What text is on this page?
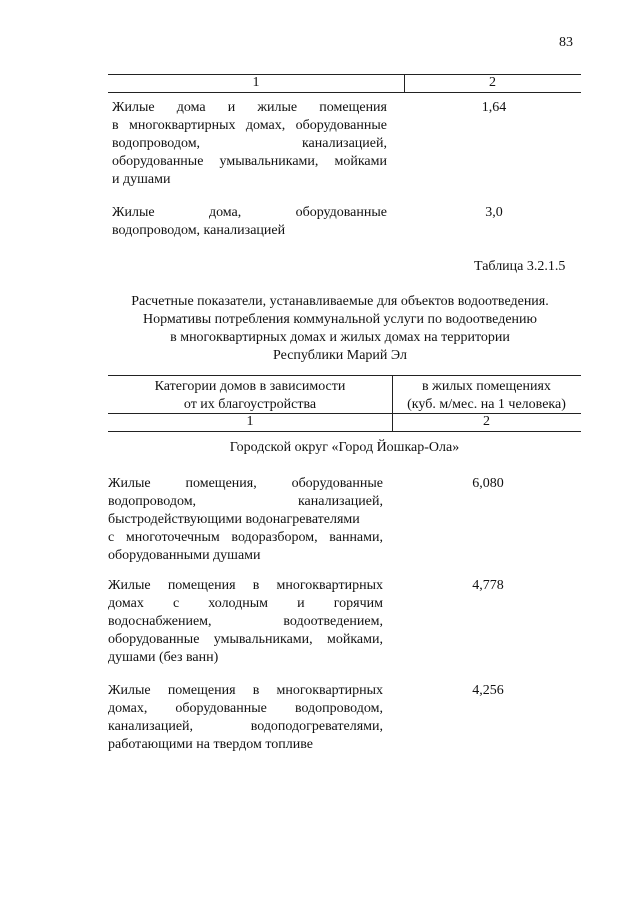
83
1	2
Жилые дома и жилые помещения
в многоквартирных домах, оборудованные
водопроводом, канализацией,
оборудованные умывальниками, мойками
и душами
1,64
Жилые дома, оборудованные
водопроводом, канализацией
3,0
Таблица 3.2.1.5
Расчетные показатели, устанавливаемые для объектов водоотведения.
Нормативы потребления коммунальной услуги по водоотведению
в многоквартирных домах и жилых домах на территории
Республики Марий Эл
Категории домов в зависимости
от их благоустройства
в жилых помещениях
(куб. м/мес. на 1 человека)
1	2
Городской округ «Город Йошкар-Ола»
Жилые помещения, оборудованные
водопроводом, канализацией,
быстродействующими водонагревателями
с многоточечным водоразбором, ваннами,
оборудованными душами
6,080
Жилые помещения в многоквартирных
домах с холодным и горячим
водоснабжением, водоотведением,
оборудованные умывальниками, мойками,
душами (без ванн)
4,778
Жилые помещения в многоквартирных
домах, оборудованные водопроводом,
канализацией, водоподогревателями,
работающими на твердом топливе
4,256
